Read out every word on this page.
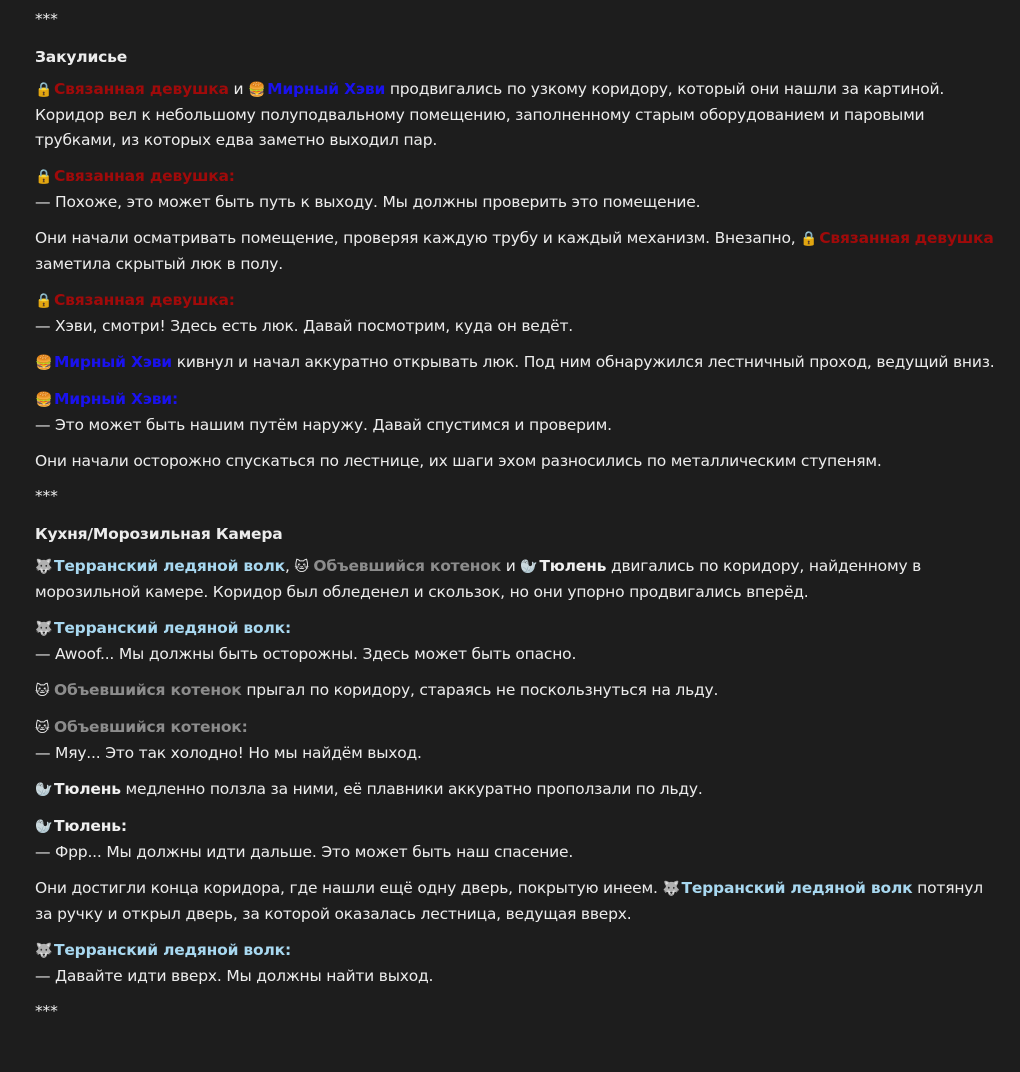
***
Закулисье
🔒 Связанная девушка и 🍔 Мирный Хэви продвигались по узкому коридору, который они нашли за картиной. Коридор вел к небольшому полуподвальному помещению, заполненному старым оборудованием и паровыми трубками, из которых едва заметно выходил пар.
🔒 Связанная девушка:
— Похоже, это может быть путь к выходу. Мы должны проверить это помещение.
Они начали осматривать помещение, проверяя каждую трубу и каждый механизм. Внезапно, 🔒 Связанная девушка заметила скрытый люк в полу.
🔒 Связанная девушка:
— Хэви, смотри! Здесь есть люк. Давай посмотрим, куда он ведёт.
🍔 Мирный Хэви кивнул и начал аккуратно открывать люк. Под ним обнаружился лестничный проход, ведущий вниз.
🍔 Мирный Хэви:
— Это может быть нашим путём наружу. Давай спустимся и проверим.
Они начали осторожно спускаться по лестнице, их шаги эхом разносились по металлическим ступеням.
***
Кухня/Морозильная Камера
🐺 Терранский ледяной волк, 🐱 Объевшийся котенок и 🦭 Тюлень двигались по коридору, найденному в морозильной камере. Коридор был обледенел и скользок, но они упорно продвигались вперёд.
🐺 Терранский ледяной волк:
— Awoof... Мы должны быть осторожны. Здесь может быть опасно.
🐱 Объевшийся котенок прыгал по коридору, стараясь не поскользнуться на льду.
🐱 Объевшийся котенок:
— Мяу... Это так холодно! Но мы найдём выход.
🦭 Тюлень медленно ползла за ними, её плавники аккуратно проползали по льду.
🦭 Тюлень:
— Фрр... Мы должны идти дальше. Это может быть наш спасение.
Они достигли конца коридора, где нашли ещё одну дверь, покрытую инеем. 🐺 Терранский ледяной волк потянул за ручку и открыл дверь, за которой оказалась лестница, ведущая вверх.
🐺 Терранский ледяной волк:
— Давайте идти вверх. Мы должны найти выход.
***
